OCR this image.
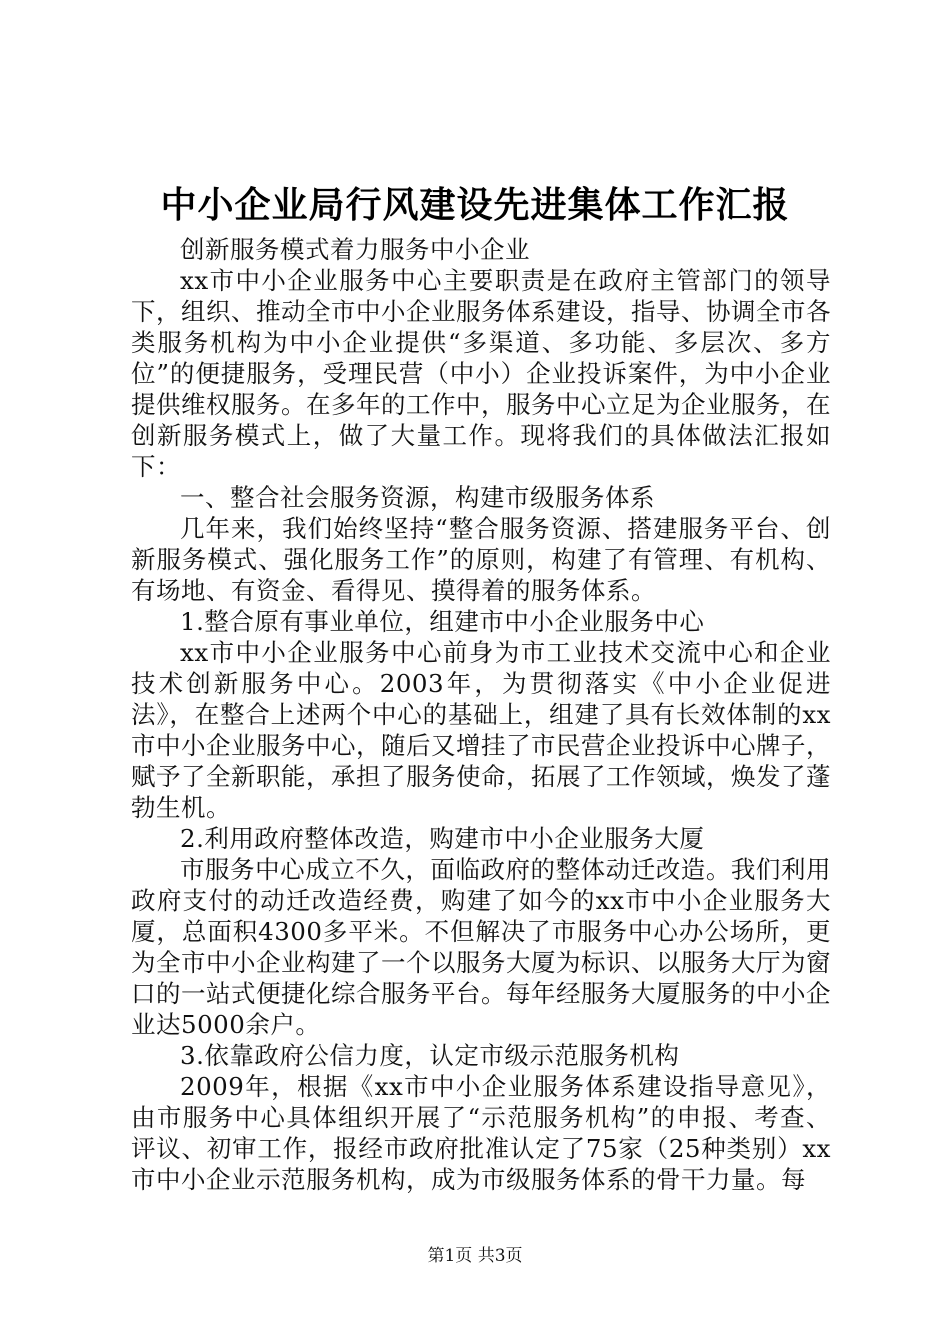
中小企业局行风建设先进集体工作汇报

创新服务模式着力服务中小企业

xx市中小企业服务中心主要职责是在政府主管部门的领导下，组织、推动全市中小企业服务体系建设，指导、协调全市各类服务机构为中小企业提供“多渠道、多功能、多层次、多方位”的便捷服务，受理民营（中小）企业投诉案件，为中小企业提供维权服务。在多年的工作中，服务中心立足为企业服务，在创新服务模式上，做了大量工作。现将我们的具体做法汇报如下：

一、整合社会服务资源，构建市级服务体系

几年来，我们始终坚持“整合服务资源、搭建服务平台、创新服务模式、强化服务工作”的原则，构建了有管理、有机构、有场地、有资金、看得见、摸得着的服务体系。

1.整合原有事业单位，组建市中小企业服务中心

xx市中小企业服务中心前身为市工业技术交流中心和企业技术创新服务中心。2003年，为贯彻落实《中小企业促进法》，在整合上述两个中心的基础上，组建了具有长效体制的xx市中小企业服务中心，随后又增挂了市民营企业投诉中心牌子，赋予了全新职能，承担了服务使命，拓展了工作领域，焕发了蓬勃生机。

2.利用政府整体改造，购建市中小企业服务大厦

市服务中心成立不久，面临政府的整体动迁改造。我们利用政府支付的动迁改造经费，购建了如今的xx市中小企业服务大厦，总面积4300多平米。不但解决了市服务中心办公场所，更为全市中小企业构建了一个以服务大厦为标识、以服务大厅为窗口的一站式便捷化综合服务平台。每年经服务大厦服务的中小企业达5000余户。

3.依靠政府公信力度，认定市级示范服务机构

2009年，根据《xx市中小企业服务体系建设指导意见》，由市服务中心具体组织开展了“示范服务机构”的申报、考查、评议、初审工作，报经市政府批准认定了75家（25种类别）xx市中小企业示范服务机构，成为市级服务体系的骨干力量。每

第1页 共3页
